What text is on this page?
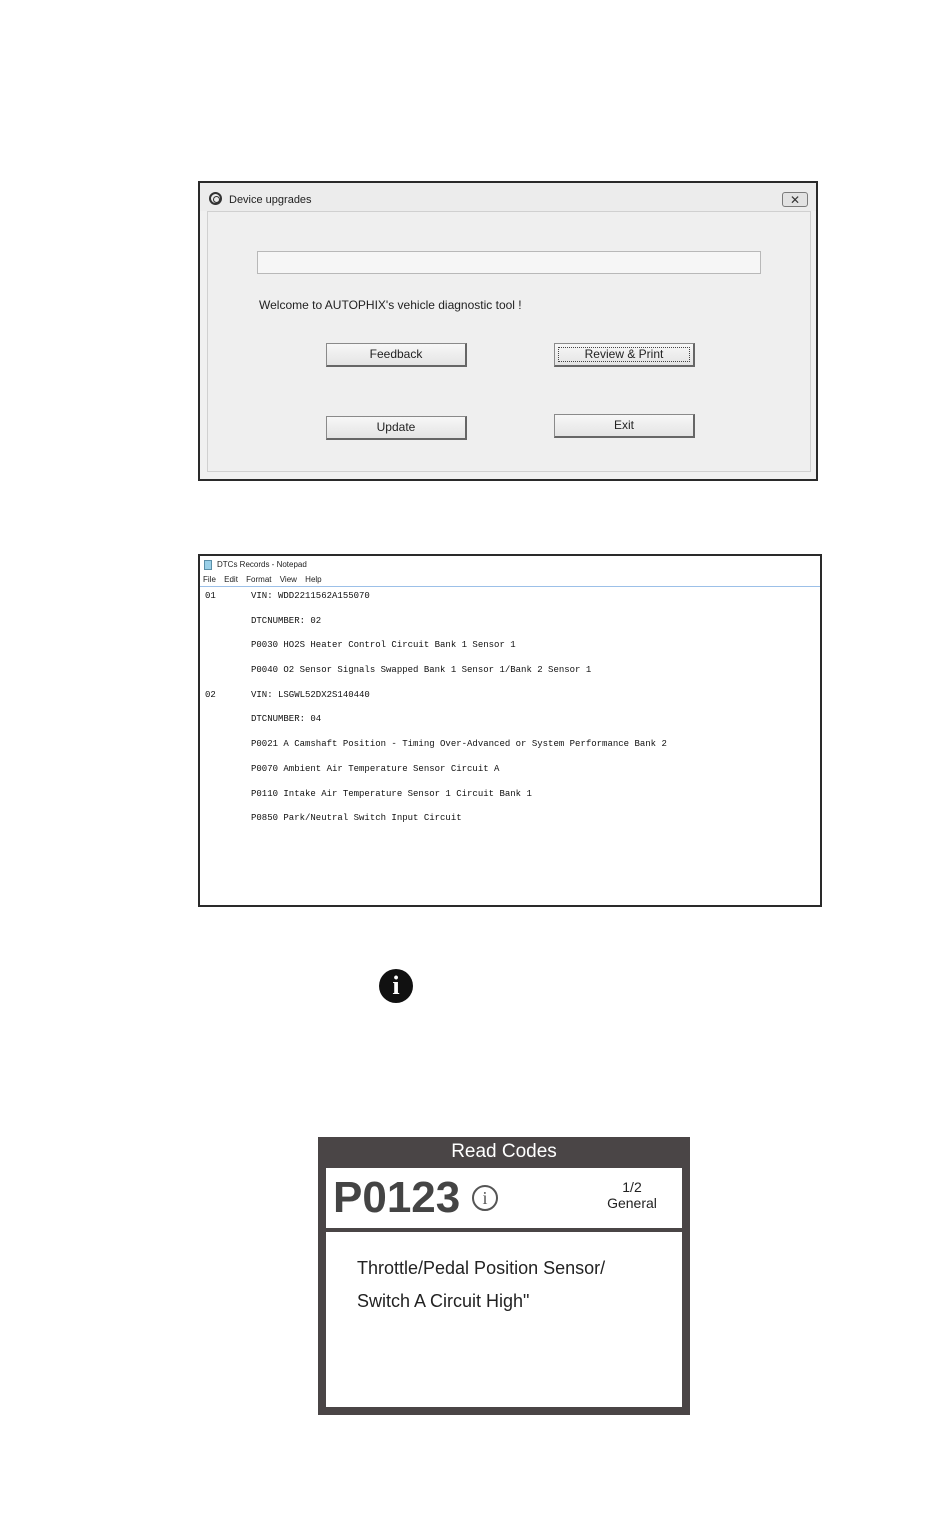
Device upgrades	✕
Welcome to AUTOPHIX's vehicle diagnostic tool !
Feedback	Review & Print
Update	Exit
DTCs Records - Notepad
File Edit Format View Help
01	VIN: WDD2211562A155070
DTCNUMBER: 02
P0030 HO2S Heater Control Circuit Bank 1 Sensor 1
P0040 O2 Sensor Signals Swapped Bank 1 Sensor 1/Bank 2 Sensor 1
02	VIN: LSGWL52DX2S140440
DTCNUMBER: 04
P0021 A Camshaft Position - Timing Over-Advanced or System Performance Bank 2
P0070 Ambient Air Temperature Sensor Circuit A
P0110 Intake Air Temperature Sensor 1 Circuit Bank 1
P0850 Park/Neutral Switch Input Circuit
i
Read Codes
P0123	i
1/2
General
Throttle/Pedal Position Sensor/
Switch A Circuit High"
